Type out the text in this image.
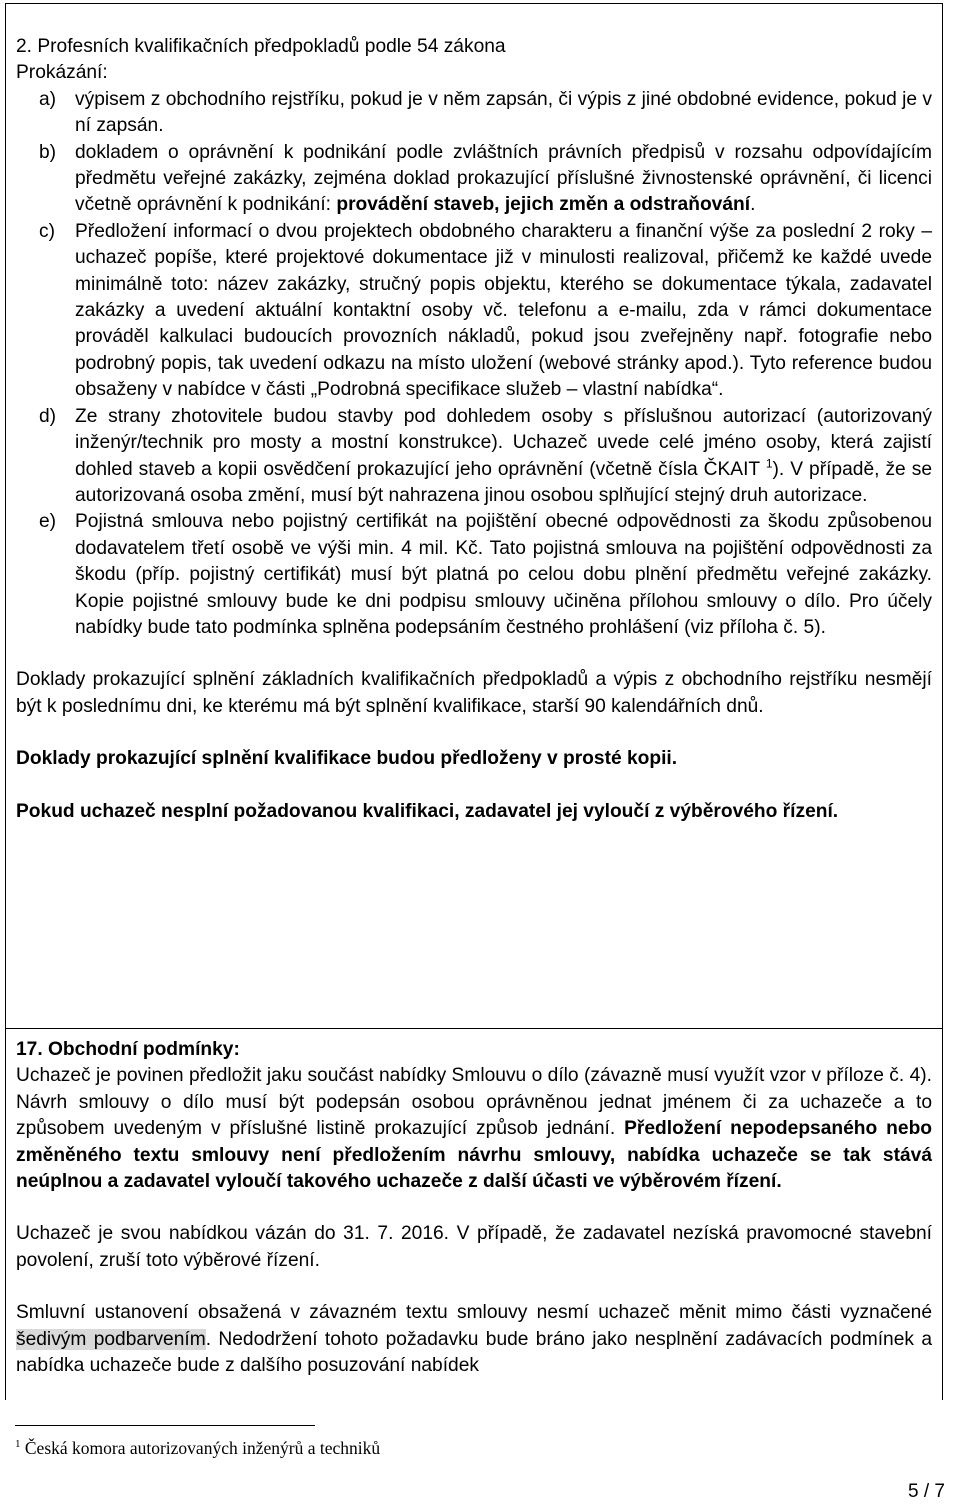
2. Profesních kvalifikačních předpokladů podle 54 zákona

Prokázání:

a) výpisem z obchodního rejstříku, pokud je v něm zapsán, či výpis z jiné obdobné evidence, pokud je v ní zapsán.
b) dokladem o oprávnění k podnikání podle zvláštních právních předpisů v rozsahu odpovídajícím předmětu veřejné zakázky, zejména doklad prokazující příslušné živnostenské oprávnění, či licenci včetně oprávnění k podnikání: provádění staveb, jejich změn a odstraňování.
c) Předložení informací o dvou projektech obdobného charakteru a finanční výše za poslední 2 roky – uchazeč popíše, které projektové dokumentace již v minulosti realizoval, přičemž ke každé uvede minimálně toto: název zakázky, stručný popis objektu, kterého se dokumentace týkala, zadavatel zakázky a uvedení aktuální kontaktní osoby vč. telefonu a e-mailu, zda v rámci dokumentace prováděl kalkulaci budoucích provozních nákladů, pokud jsou zveřejněny např. fotografie nebo podrobný popis, tak uvedení odkazu na místo uložení (webové stránky apod.). Tyto reference budou obsaženy v nabídce v části „Podrobná specifikace služeb – vlastní nabídka“.
d) Ze strany zhotovitele budou stavby pod dohledem osoby s příslušnou autorizací (autorizovaný inženýr/technik pro mosty a mostní konstrukce). Uchazeč uvede celé jméno osoby, která zajistí dohled staveb a kopii osvědčení prokazující jeho oprávnění (včetně čísla ČKAIT $^1$). V případě, že se autorizovaná osoba změní, musí být nahrazena jinou osobou splňující stejný druh autorizace.
e) Pojistná smlouva nebo pojistný certifikát na pojištění obecné odpovědnosti za škodu způsobenou dodavatelem třetí osobě ve výši min. 4 mil. Kč. Tato pojistná smlouva na pojištění odpovědnosti za škodu (příp. pojistný certifikát) musí být platná po celou dobu plnění předmětu veřejné zakázky. Kopie pojistné smlouvy bude ke dni podpisu smlouvy učiněna přílohou smlouvy o dílo. Pro účely nabídky bude tato podmínka splněna podepsáním čestného prohlášení (viz příloha č. 5).

Doklady prokazující splnění základních kvalifikačních předpokladů a výpis z obchodního rejstříku nesmějí být k poslednímu dni, ke kterému má být splnění kvalifikace, starší 90 kalendářních dnů.

Doklady prokazující splnění kvalifikace budou předloženy v prosté kopii.

Pokud uchazeč nesplní požadovanou kvalifikaci, zadavatel jej vyloučí z výběrového řízení.

17. Obchodní podmínky:

Uchazeč je povinen předložit jaku součást nabídky Smlouvu o dílo (závazně musí využít vzor v příloze č. 4). Návrh smlouvy o dílo musí být podepsán osobou oprávněnou jednat jménem či za uchazeče a to způsobem uvedeným v příslušné listině prokazující způsob jednání. Předložení nepodepsaného nebo změněného textu smlouvy není předložením návrhu smlouvy, nabídka uchazeče se tak stává neúplnou a zadavatel vyloučí takového uchazeče z další účasti ve výběrovém řízení.

Uchazeč je svou nabídkou vázán do 31. 7. 2016. V případě, že zadavatel nezíská pravomocné stavební povolení, zruší toto výběrové řízení.

Smluvní ustanovení obsažená v závazném textu smlouvy nesmí uchazeč měnit mimo části vyznačené šedivým podbarvením. Nedodržení tohoto požadavku bude bráno jako nesplnění zadávacích podmínek a nabídka uchazeče bude z dalšího posuzování nabídek

$^1$ Česká komora autorizovaných inženýrů a techniků
5 / 7
